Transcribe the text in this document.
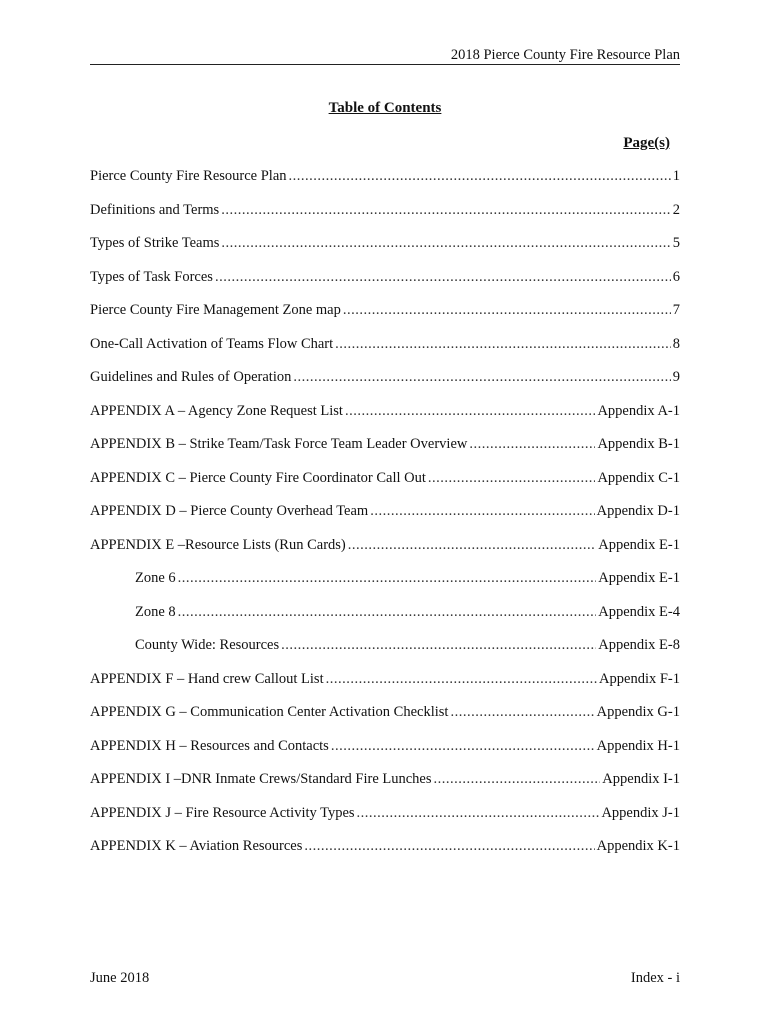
2018 Pierce County Fire Resource Plan
Table of Contents
Page(s)
Pierce County Fire Resource Plan .....	1
Definitions and Terms .....	2
Types of Strike Teams .....	5
Types of Task Forces .....	6
Pierce County Fire Management Zone map .....	7
One-Call Activation of Teams Flow Chart .....	8
Guidelines and Rules of Operation .....	9
APPENDIX A – Agency Zone Request List .....	Appendix A-1
APPENDIX B – Strike Team/Task Force Team Leader Overview .....	Appendix B-1
APPENDIX C – Pierce County Fire Coordinator Call Out .....	Appendix C-1
APPENDIX D – Pierce County Overhead Team .....	Appendix D-1
APPENDIX E –Resource Lists (Run Cards) .....	Appendix E-1
Zone 6 .....	Appendix E-1
Zone 8 .....	Appendix E-4
County Wide: Resources .....	Appendix E-8
APPENDIX F – Hand crew Callout List .....	Appendix F-1
APPENDIX G – Communication Center Activation Checklist .....	Appendix G-1
APPENDIX H – Resources and Contacts .....	Appendix H-1
APPENDIX I –DNR Inmate Crews/Standard Fire Lunches .....	Appendix I-1
APPENDIX J – Fire Resource Activity Types .....	Appendix J-1
APPENDIX K – Aviation Resources .....	Appendix K-1
June 2018	Index - i
